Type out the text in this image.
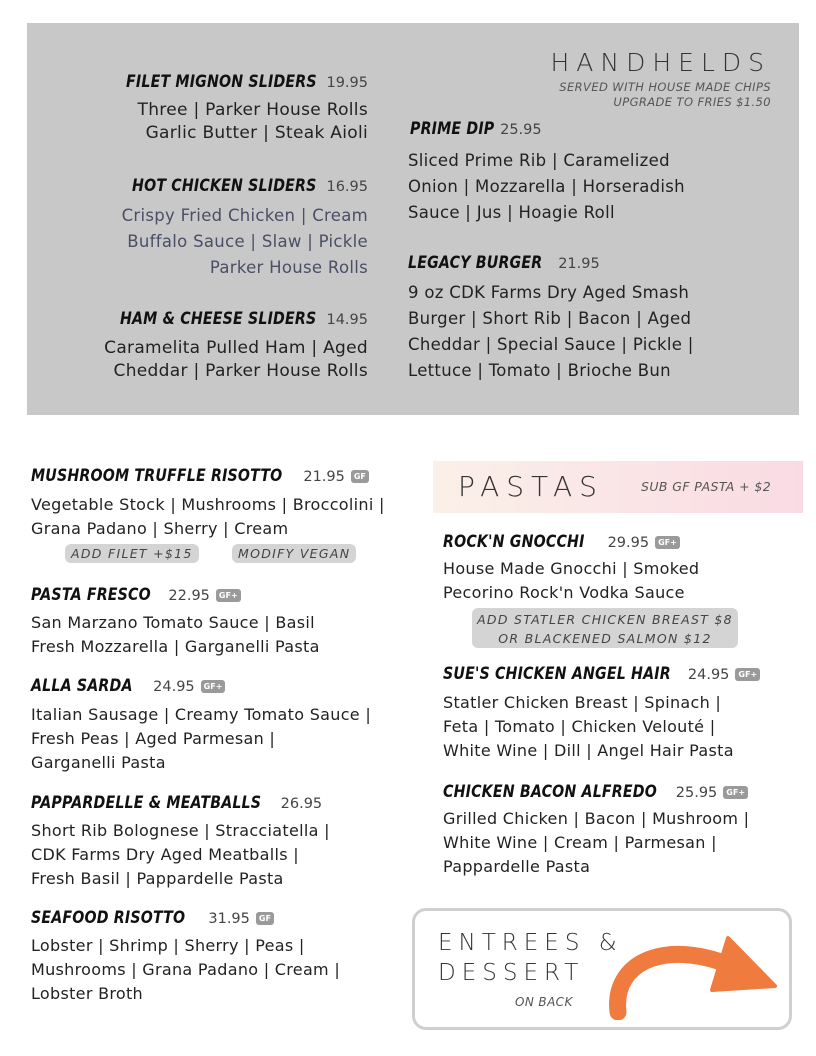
HANDHELDS
SERVED WITH HOUSE MADE CHIPS
UPGRADE TO FRIES $1.50
FILET MIGNON SLIDERS 19.95
Three | Parker House Rolls
Garlic Butter | Steak Aioli
HOT CHICKEN SLIDERS 16.95
Crispy Fried Chicken | Cream
Buffalo Sauce | Slaw | Pickle
Parker House Rolls
HAM & CHEESE SLIDERS 14.95
Caramelita Pulled Ham | Aged
Cheddar | Parker House Rolls
PRIME DIP 25.95
Sliced Prime Rib | Caramelized
Onion | Mozzarella | Horseradish
Sauce | Jus | Hoagie Roll
LEGACY BURGER 21.95
9 oz CDK Farms Dry Aged Smash
Burger | Short Rib | Bacon | Aged
Cheddar | Special Sauce | Pickle |
Lettuce | Tomato | Brioche Bun
MUSHROOM TRUFFLE RISOTTO 21.95 GF
Vegetable Stock | Mushrooms | Broccolini |
Grana Padano | Sherry | Cream
ADD FILET +$15	MODIFY VEGAN
PASTA FRESCO 22.95 GF+
San Marzano Tomato Sauce | Basil
Fresh Mozzarella | Garganelli Pasta
ALLA SARDA 24.95 GF+
Italian Sausage | Creamy Tomato Sauce |
Fresh Peas | Aged Parmesan |
Garganelli Pasta
PAPPARDELLE & MEATBALLS 26.95
Short Rib Bolognese | Stracciatella |
CDK Farms Dry Aged Meatballs |
Fresh Basil | Pappardelle Pasta
SEAFOOD RISOTTO 31.95 GF
Lobster | Shrimp | Sherry | Peas |
Mushrooms | Grana Padano | Cream |
Lobster Broth
PASTAS	SUB GF PASTA + $2
ROCK'N GNOCCHI 29.95 GF+
House Made Gnocchi | Smoked
Pecorino Rock'n Vodka Sauce
ADD STATLER CHICKEN BREAST $8 OR BLACKENED SALMON $12
SUE'S CHICKEN ANGEL HAIR 24.95 GF+
Statler Chicken Breast | Spinach |
Feta | Tomato | Chicken Velouté |
White Wine | Dill | Angel Hair Pasta
CHICKEN BACON ALFREDO 25.95 GF+
Grilled Chicken | Bacon | Mushroom |
White Wine | Cream | Parmesan |
Pappardelle Pasta
ENTREES &
DESSERT
ON BACK
